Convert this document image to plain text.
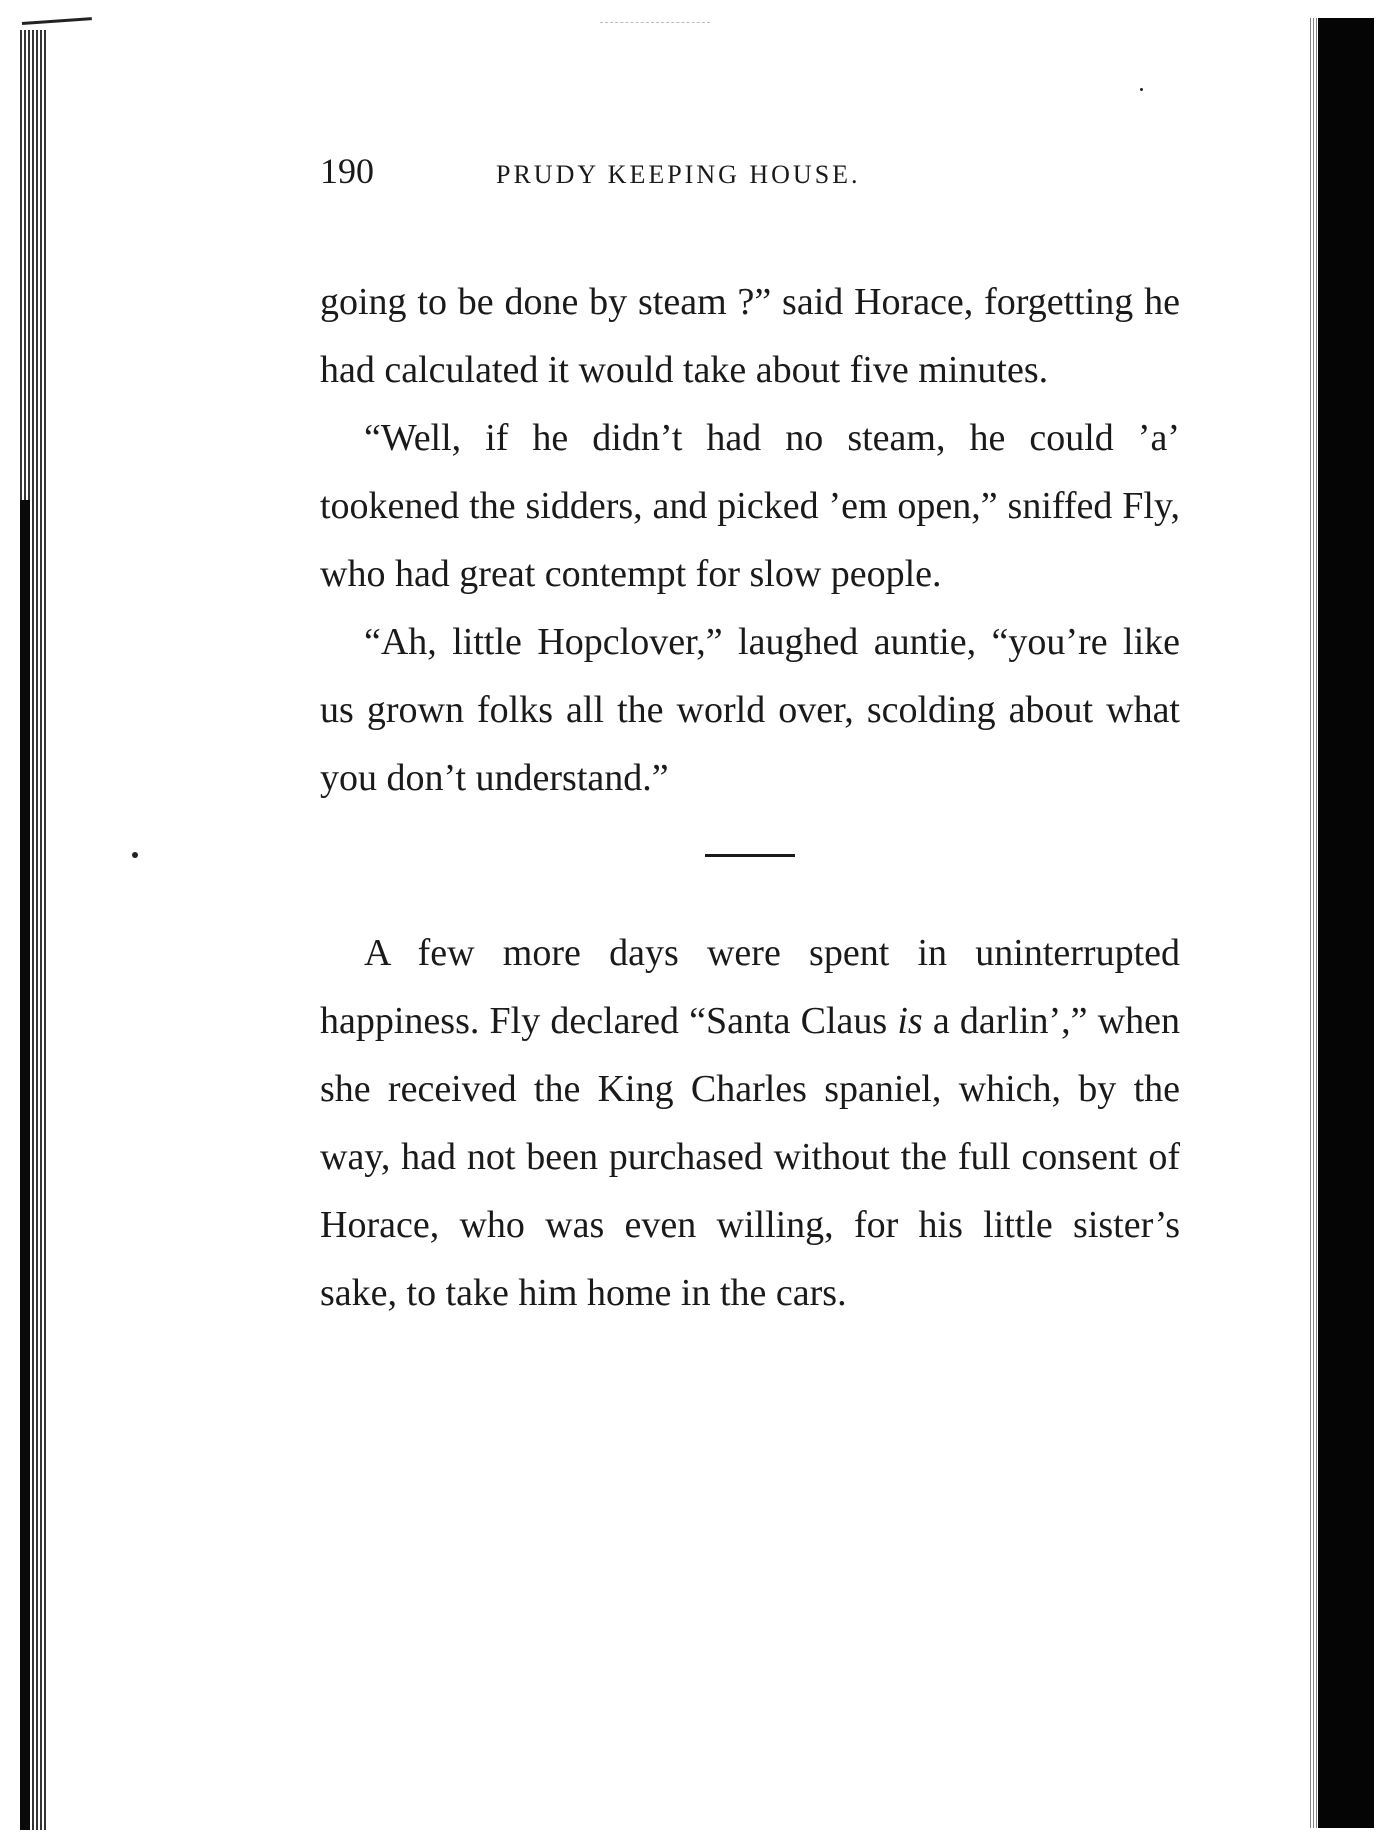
190	PRUDY KEEPING HOUSE.

going to be done by steam ?” said Horace, forgetting he had calculated it would take about five minutes.

“Well, if he didn’t had no steam, he could ’a’ tookened the sidders, and picked ’em open,” sniffed Fly, who had great contempt for slow people.

“Ah, little Hopclover,” laughed auntie, “you’re like us grown folks all the world over, scolding about what you don’t understand.”

A few more days were spent in uninterrupted happiness. Fly declared “Santa Claus is a darlin’,” when she received the King Charles spaniel, which, by the way, had not been purchased without the full consent of Horace, who was even willing, for his little sister’s sake, to take him home in the cars.
